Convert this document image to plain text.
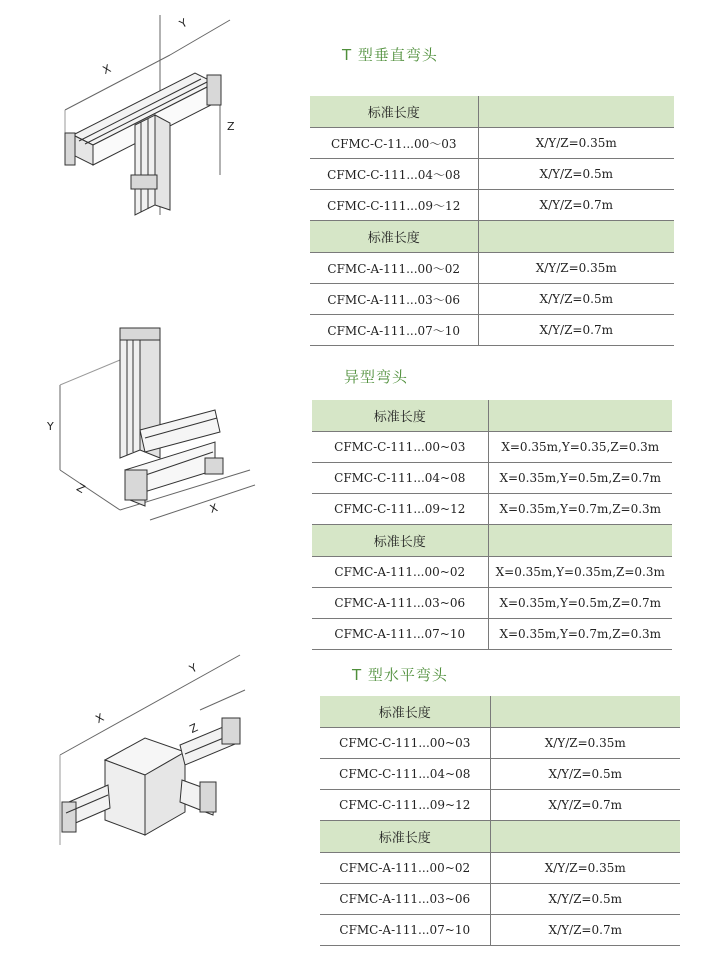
X
Y
Z
T 型垂直弯头
标准长度	
CFMC-C-11...00～03	X/Y/Z=0.35m
CFMC-C-111...04～08	X/Y/Z=0.5m
CFMC-C-111...09～12	X/Y/Z=0.7m
标准长度	
CFMC-A-111...00～02	X/Y/Z=0.35m
CFMC-A-111...03～06	X/Y/Z=0.5m
CFMC-A-111...07～10	X/Y/Z=0.7m
Y
Z
X
异型弯头
标准长度	
CFMC-C-111...00~03	X=0.35m,Y=0.35,Z=0.3m
CFMC-C-111...04~08	X=0.35m,Y=0.5m,Z=0.7m
CFMC-C-111...09~12	X=0.35m,Y=0.7m,Z=0.3m
标准长度	
CFMC-A-111...00~02	X=0.35m,Y=0.35m,Z=0.3m
CFMC-A-111...03~06	X=0.35m,Y=0.5m,Z=0.7m
CFMC-A-111...07~10	X=0.35m,Y=0.7m,Z=0.3m
X
Y
Z
T 型水平弯头
标准长度	
CFMC-C-111...00~03	X/Y/Z=0.35m
CFMC-C-111...04~08	X/Y/Z=0.5m
CFMC-C-111...09~12	X/Y/Z=0.7m
标准长度	
CFMC-A-111...00~02	X/Y/Z=0.35m
CFMC-A-111...03~06	X/Y/Z=0.5m
CFMC-A-111...07~10	X/Y/Z=0.7m
